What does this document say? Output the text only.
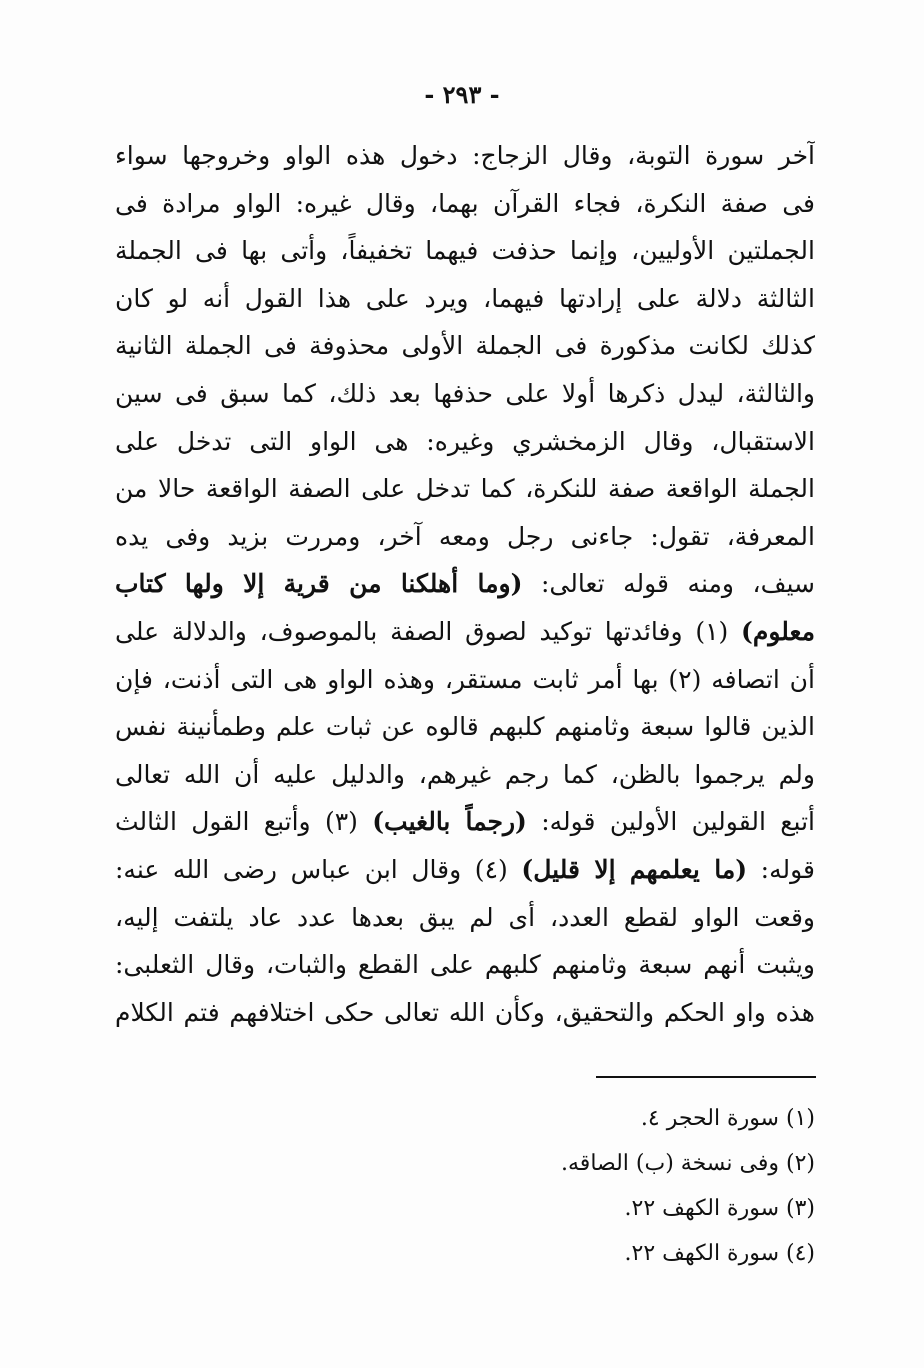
- ٢٩٣ -
آخر سورة التوبة، وقال الزجاج: دخول هذه الواو وخروجها سواء
فى صفة النكرة، فجاء القرآن بهما، وقال غيره: الواو مرادة فى
الجملتين الأوليين، وإنما حذفت فيهما تخفيفاً، وأتى بها فى الجملة
الثالثة دلالة على إرادتها فيهما، ويرد على هذا القول أنه لو كان
كذلك لكانت مذكورة فى الجملة الأولى محذوفة فى الجملة الثانية
والثالثة، ليدل ذكرها أولا على حذفها بعد ذلك، كما سبق فى سين
الاستقبال، وقال الزمخشري وغيره: هى الواو التى تدخل على
الجملة الواقعة صفة للنكرة، كما تدخل على الصفة الواقعة حالا من
المعرفة، تقول: جاءنى رجل ومعه آخر، ومررت بزيد وفى يده
سيف، ومنه قوله تعالى: (وما أهلكنا من قرية إلا ولها كتاب
معلوم) (١) وفائدتها توكيد لصوق الصفة بالموصوف، والدلالة على
أن اتصافه (٢) بها أمر ثابت مستقر، وهذه الواو هى التى أذنت، فإن
الذين قالوا سبعة وثامنهم كلبهم قالوه عن ثبات علم وطمأنينة نفس
ولم يرجموا بالظن، كما رجم غيرهم، والدليل عليه أن الله تعالى
أتبع القولين الأولين قوله: (رجماً بالغيب) (٣) وأتبع القول الثالث
قوله: (ما يعلمهم إلا قليل) (٤) وقال ابن عباس رضى الله عنه:
وقعت الواو لقطع العدد، أى لم يبق بعدها عدد عاد يلتفت إليه،
ويثبت أنهم سبعة وثامنهم كلبهم على القطع والثبات، وقال الثعلبى:
هذه واو الحكم والتحقيق، وكأن الله تعالى حكى اختلافهم فتم الكلام
(١) سورة الحجر ٤.
(٢) وفى نسخة (ب) الصاقه.
(٣) سورة الكهف ٢٢.
(٤) سورة الكهف ٢٢.
